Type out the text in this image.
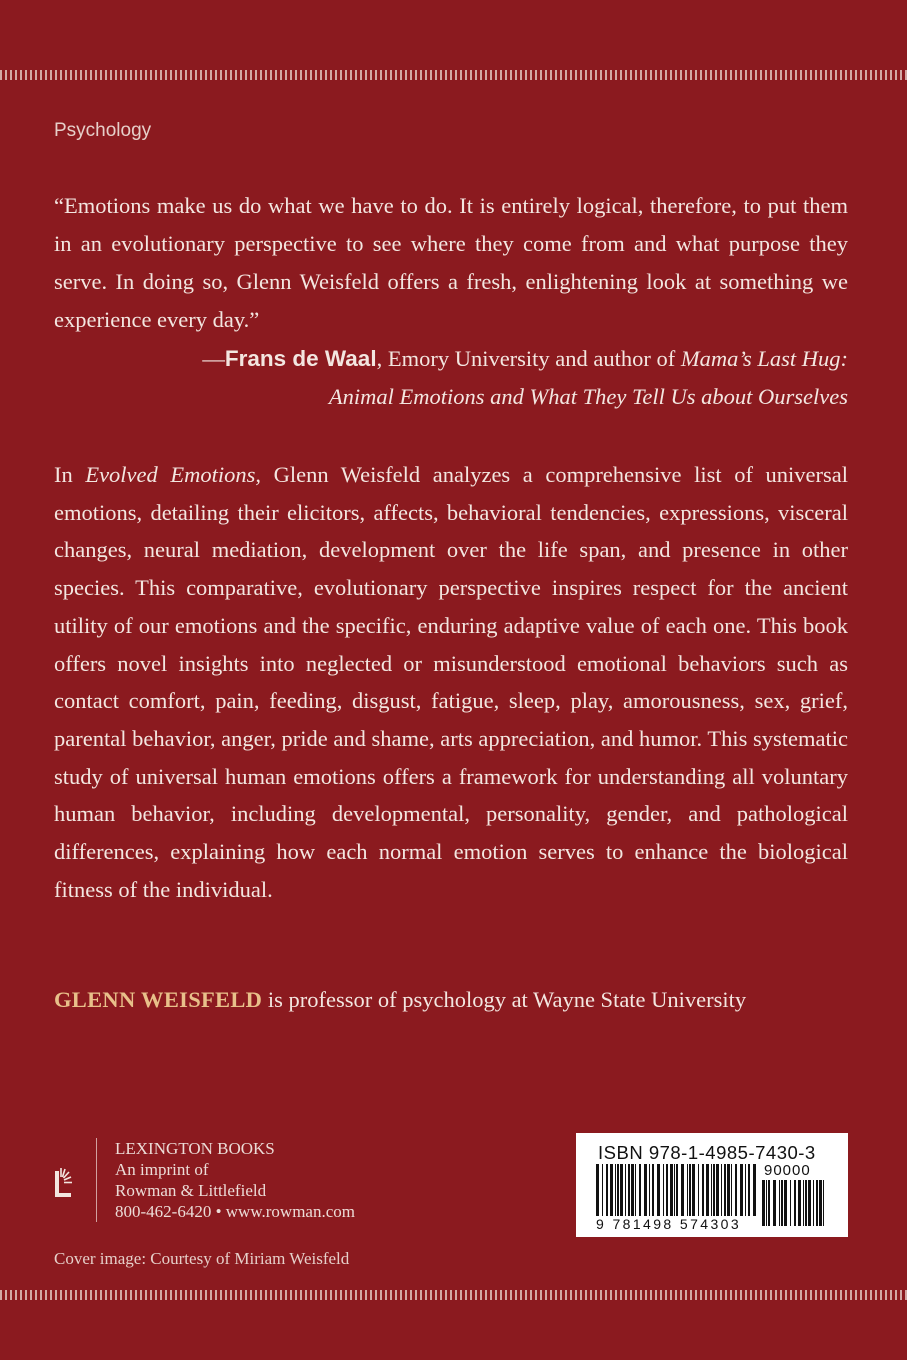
Psychology

“Emotions make us do what we have to do. It is entirely logical, therefore, to put them in an evolutionary perspective to see where they come from and what purpose they serve. In doing so, Glenn Weisfeld offers a fresh, enlightening look at something we experience every day.”

—Frans de Waal, Emory University and author of Mama’s Last Hug:
Animal Emotions and What They Tell Us about Ourselves

In Evolved Emotions, Glenn Weisfeld analyzes a comprehensive list of universal emotions, detailing their elicitors, affects, behavioral tendencies, expressions, visceral changes, neural mediation, development over the life span, and presence in other species. This comparative, evolutionary perspective inspires respect for the ancient utility of our emotions and the specific, enduring adaptive value of each one. This book offers novel insights into neglected or misunderstood emotional behaviors such as contact comfort, pain, feeding, disgust, fatigue, sleep, play, amorousness, sex, grief, parental behavior, anger, pride and shame, arts appreciation, and humor. This systematic study of universal human emotions offers a framework for understanding all voluntary human behavior, including developmental, personality, gender, and pathological differences, explaining how each normal emotion serves to enhance the biological fitness of the individual.

GLENN WEISFELD is professor of psychology at Wayne State University

LEXINGTON BOOKS
An imprint of
Rowman & Littlefield
800-462-6420 • www.rowman.com

Cover image: Courtesy of Miriam Weisfeld

ISBN 978-1-4985-7430-3
90000
9 781498 574303
